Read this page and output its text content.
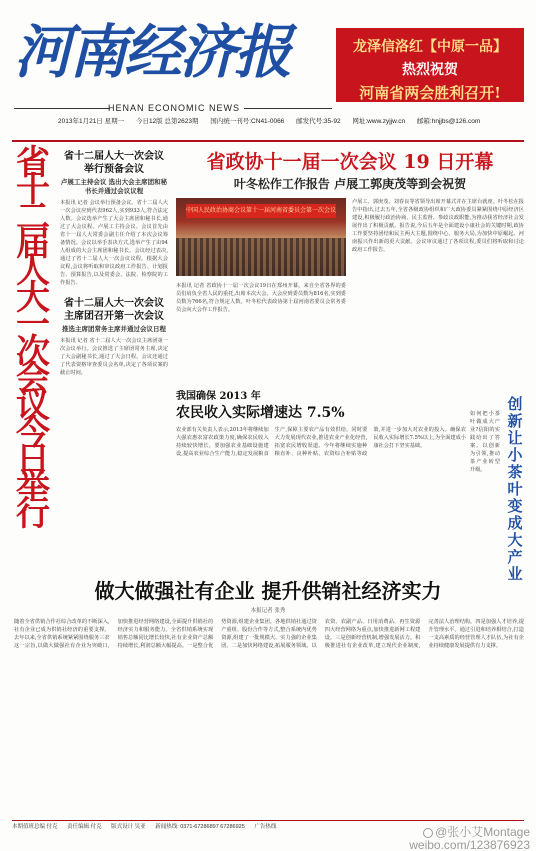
河南经济报
HENAN ECONOMIC NEWS
龙泽信洛红【中原一品】
热烈祝贺
河南省两会胜利召开!
2013年1月21日 星期一 今日12版 总第2623期 国内统一刊号:CN41-0066 邮发代号:35-92 网址:www.zyjjw.cn 邮箱:hnjjbs@126.com
省十二届人大一次会议今日举行
省十二届人大一次会议举行预备会议
卢展工主持会议 选出大会主席团和秘书长并通过会议议程
本报讯 记者 会议举行预备会议。省十二届人大一次会议应到代表962人,实到933人,符合法定人数。会议选举产生了大会主席团和秘书长,通过了大会议程。卢展工主持会议。会议首先由省十一届人大常委会副主任介绍了本次会议筹备情况。会议以举手表决方式,选举产生了由94人组成的大会主席团和秘书长。会议经过表决,通过了省十二届人大一次会议议程。根据大会议程,会议将听取和审议政府工作报告、计划报告、预算报告,以及常委会、法院、检察院的工作报告。
省十二届人大一次会议主席团召开第一次会议
推选主席团常务主席并通过会议日程
本报讯 记者 省十二届人大一次会议主席团第一次会议举行。会议推选了主席团常务主席,决定了大会副秘书长,通过了大会日程。会议还通过了代表资格审查委员会名单,决定了各项议案的截止时间。
省政协十一届一次会议 19 日开幕
叶冬松作工作报告 卢展工郭庚茂等到会祝贺
中国人民政治协商会议第十一届河南省委员会第一次会议
本报讯 记者 省政协十一届一次会议19日在郑州开幕。来自全省各界的委员们肩负全省人民的重托,出席本次大会。大会应到委员数为816名,实到委员数为766名,符合规定人数。叶冬松代表政协第十届河南省委员会常务委员会向大会作工作报告。
卢展工、郭庚茂、刘春良等省领导出席开幕式并在主席台就座。叶冬松在报告中指出,过去五年,全省各级政协组织和广大政协委员紧紧围绕中原经济区建设,积极履行政治协商、民主监督、参政议政职能,为推动我省经济社会发展作出了积极贡献。报告说,今后五年是全面建设小康社会的关键时期,政协工作要坚持团结和民主两大主题,围绕中心、服务大局,为加快中原崛起、河南振兴作出新的更大贡献。会议审议通过了各项议程,委员们将听取和讨论政府工作报告。
我国确保 2013 年
农民收入实际增速达 7.5%
农业部有关负责人表示,2013年将继续加大强农惠农富农政策力度,确保农民收入持续较快增长。要加强农业基础设施建设,提高农业综合生产能力,稳定发展粮食生产,保障主要农产品有效供给。同时要大力发展现代农业,推进农业产业化经营,拓宽农民增收渠道。今年将继续实施种粮直补、良种补贴、农资综合补贴等政策,并进一步加大对农业的投入。确保农民收入实际增长7.5%以上,为全面建成小康社会打下坚实基础。
如何把小茶叶做成大产业?信阳的实践给出了答案。以创新为引领,推动茶产业转型升级。
创新让小茶叶变成大产业
做大做强社有企业 提升供销社经济实力
本报记者 张秀
随着全省供销合作社综合改革的不断深入,社有企业已成为供销社经济的重要支撑。去年以来,全省供销系统紧紧围绕服务三农这一宗旨,以做大做强社有企业为突破口,加快推进经营网络建设,全面提升供销社的经济实力和服务能力。全省供销系统实现销售总额同比增长较快,社有企业资产总额持续增长,利润总额大幅提高。一是整合优势资源,组建企业集团。各地供销社通过资产重组、股份合作等方式,整合系统内优势资源,组建了一批规模大、实力强的企业集团。二是加快网络建设,拓展服务领域。以农资、农副产品、日用消费品、再生资源四大经营网络为重点,加快推进新网工程建设。三是创新经营机制,增强发展活力。积极推进社有企业改革,建立现代企业制度,完善法人治理结构。四是加强人才培养,提升管理水平。通过引进和培养相结合,打造一支高素质的经营管理人才队伍,为社有企业持续健康发展提供有力支撑。
本期值班总编 付克 责任编辑 付克 版式设计 吴亚 新闻热线: 0371-67286897 67286925 广告热线	@张小艾Montage
weibo.com/123876923
